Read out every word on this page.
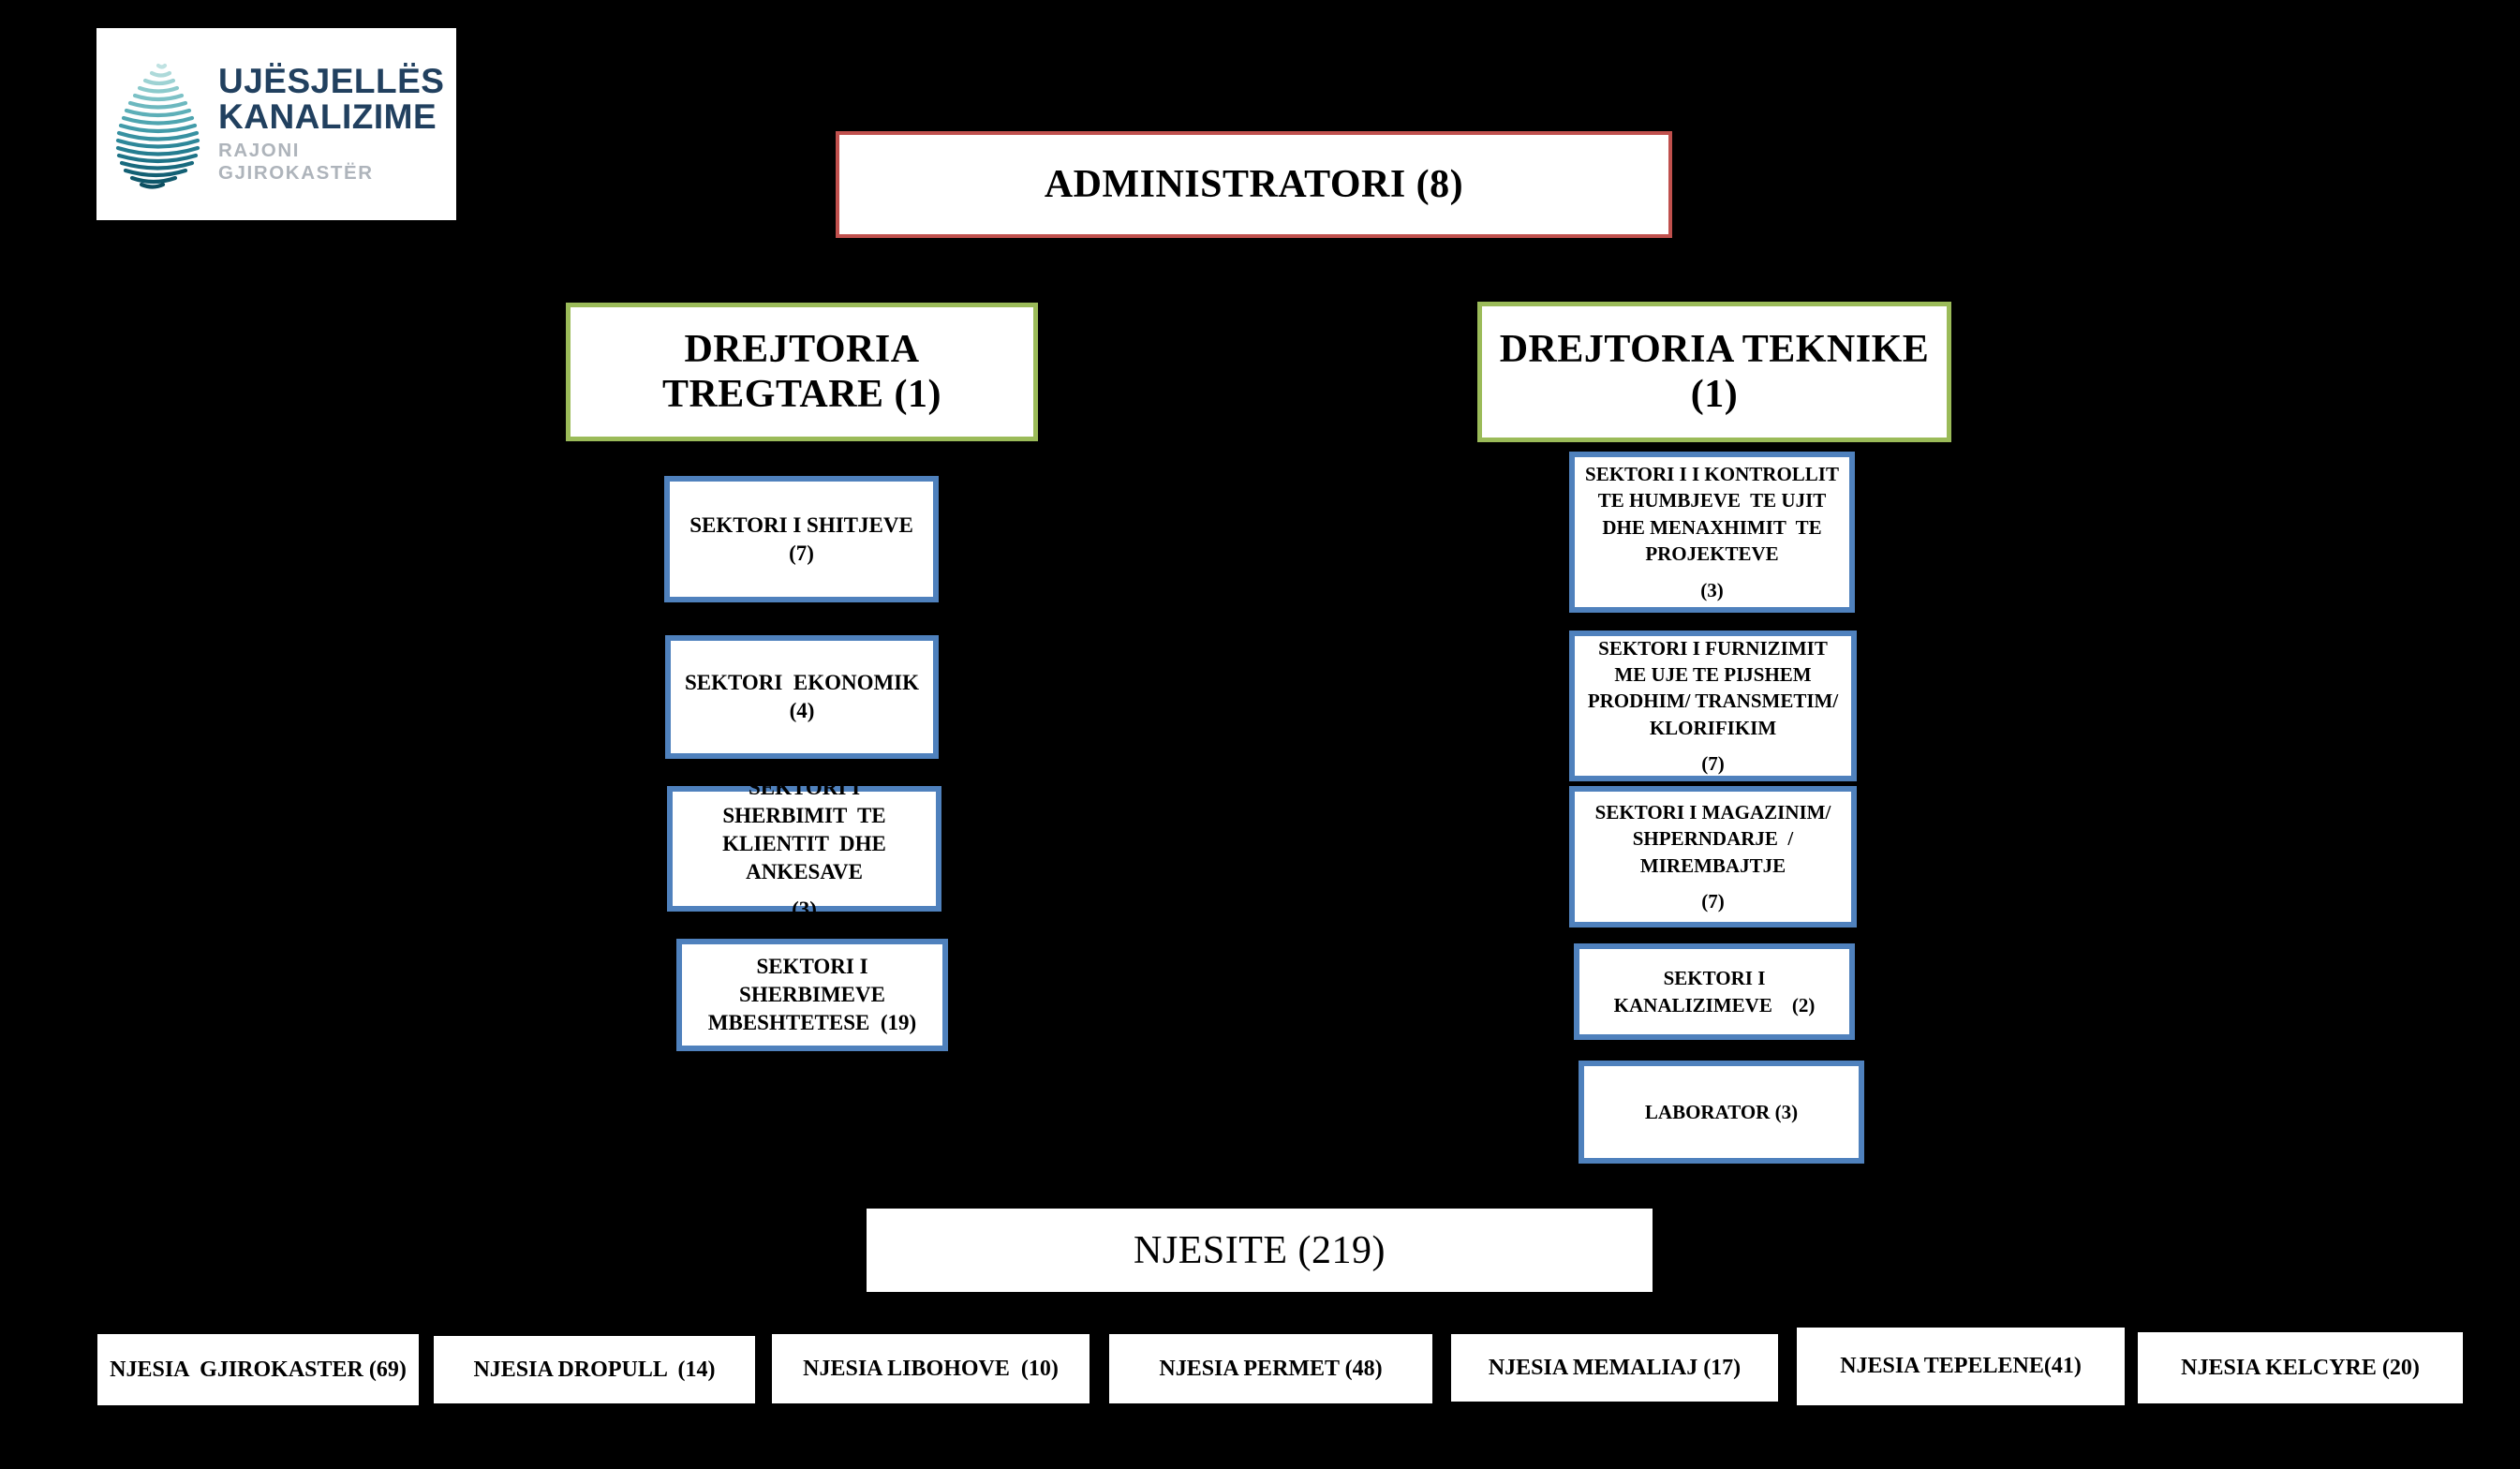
UJËSJELLËS
KANALIZIME
RAJONI GJIROKASTËR	ADMINISTRATORI (8)
DREJTORIA  TREGTARE (1)
DREJTORIA TEKNIKE (1)
SEKTORI I SHITJEVE  (7)
SEKTORI  EKONOMIK  (4)
SEKTORI I  SHERBIMIT  TE KLIENTIT  DHE ANKESAVE
(3)
SEKTORI I SHERBIMEVE MBESHTETESE  (19)
SEKTORI I I KONTROLLIT  TE HUMBJEVE  TE UJIT DHE MENAXHIMIT  TE PROJEKTEVE
(3)
SEKTORI I FURNIZIMIT ME UJE TE PIJSHEM PRODHIM/ TRANSMETIM/ KLORIFIKIM
(7)
SEKTORI I MAGAZINIM/ SHPERNDARJE  / MIREMBAJTJE
(7)
SEKTORI I KANALIZIMEVE    (2)
LABORATOR (3)
NJESITE (219)
NJESIA  GJIROKASTER (69)	NJESIA DROPULL  (14)	NJESIA LIBOHOVE  (10)	NJESIA PERMET (48)	NJESIA MEMALIAJ (17)	NJESIA TEPELENE(41)	NJESIA KELCYRE (20)
